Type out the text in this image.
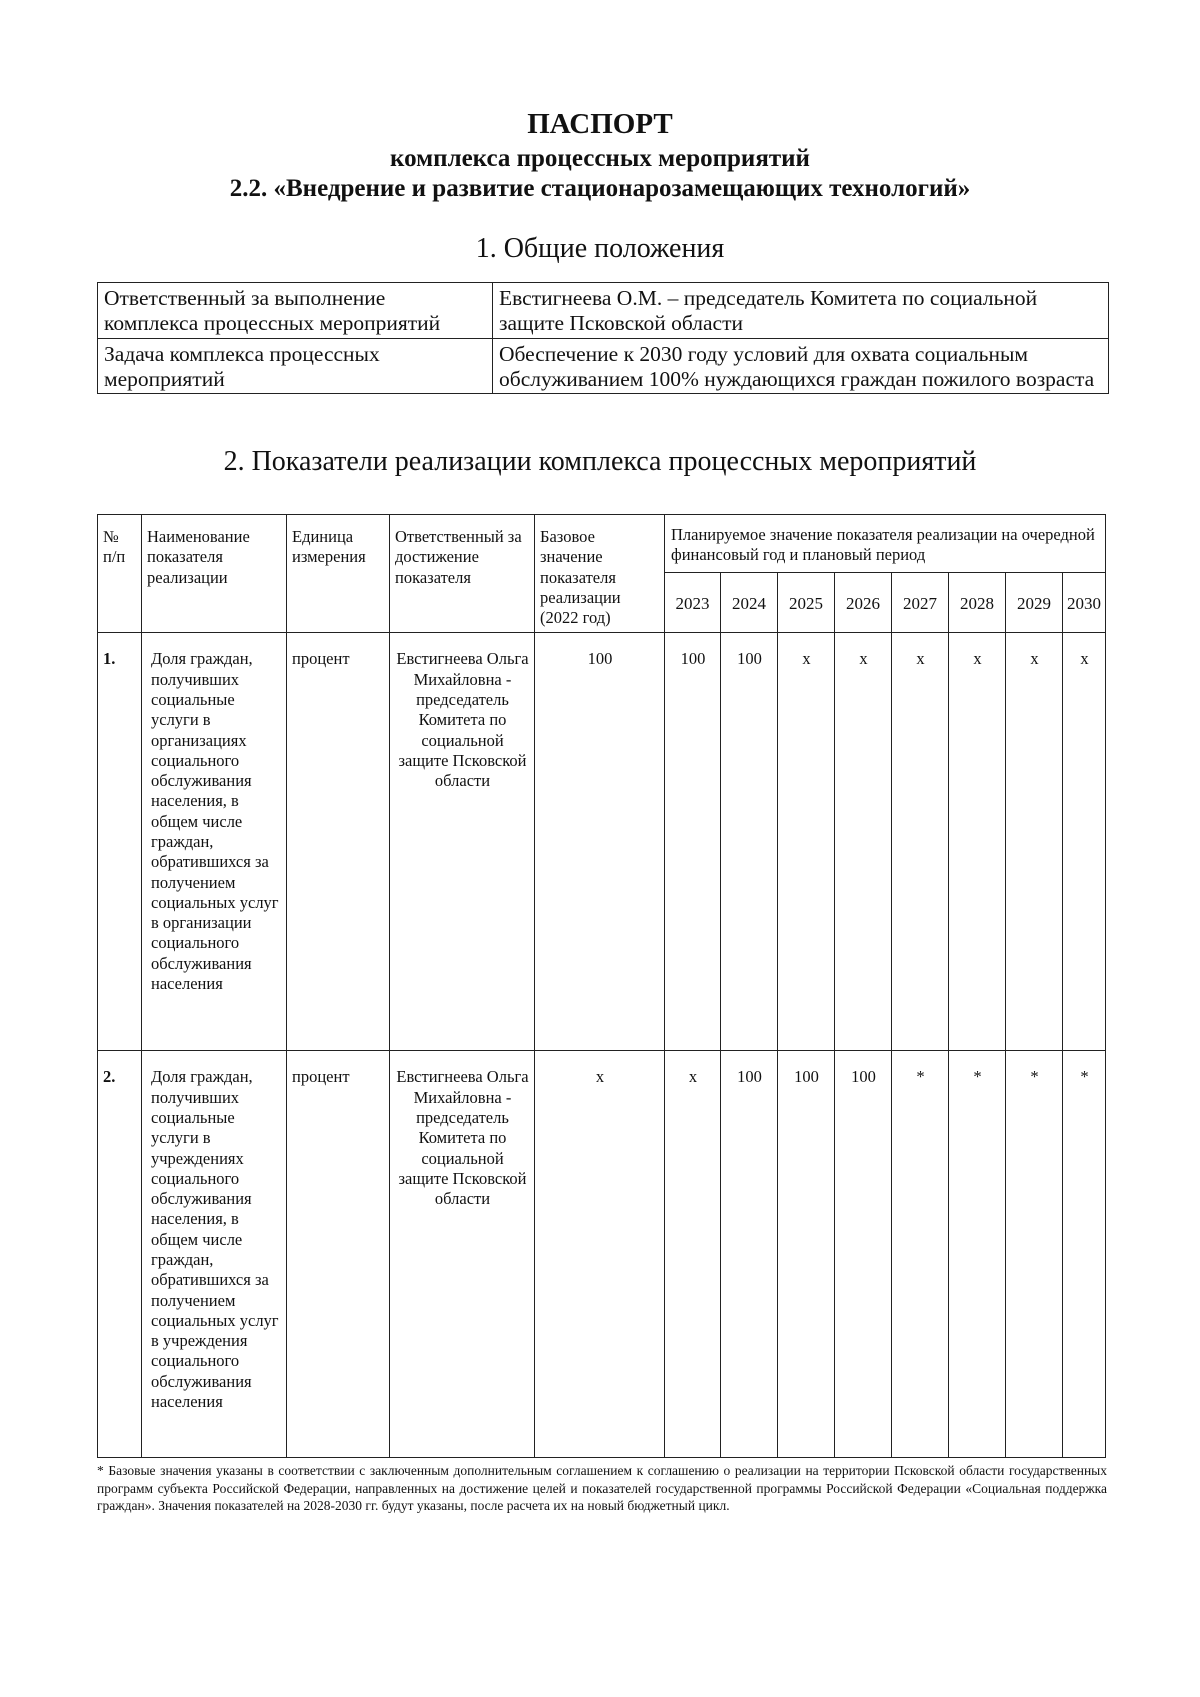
ПАСПОРТ
комплекса процессных мероприятий
2.2. «Внедрение и развитие стационарозамещающих технологий»
1. Общие положения
Ответственный за выполнение комплекса процессных мероприятий	Евстигнеева О.М. – председатель Комитета по социальной защите Псковской области
Задача комплекса процессных мероприятий	Обеспечение к 2030 году условий для охвата социальным обслуживанием 100% нуждающихся граждан пожилого возраста
2. Показатели реализации комплекса процессных мероприятий
№ п/п	Наименование показателя реализации	Единица измерения	Ответственный за достижение показателя	Базовое значение показателя реализации (2022 год)	Планируемое значение показателя реализации на очередной финансовый год и плановый период							
					2023	2024	2025	2026	2027	2028	2029	2030
1.	Доля граждан, получивших социальные услуги в организациях социального обслуживания населения, в общем числе граждан, обратившихся за получением социальных услуг в организации социального обслуживания населения	процент	Евстигнеева Ольга Михайловна - председатель Комитета по социальной защите Псковской области	100	100	100	х	х	х	х	х	х
2.	Доля граждан, получивших социальные услуги в учреждениях социального обслуживания населения, в общем числе граждан, обратившихся за получением социальных услуг в учреждения социального обслуживания населения	процент	Евстигнеева Ольга Михайловна - председатель Комитета по социальной защите Псковской области	х	х	100	100	100	*	*	*	*
* Базовые значения указаны в соответствии с заключенным дополнительным соглашением к соглашению о реализации на территории Псковской области государственных программ субъекта Российской Федерации, направленных на достижение целей и показателей государственной программы Российской Федерации «Социальная поддержка граждан». Значения показателей на 2028-2030 гг. будут указаны, после расчета их на новый бюджетный цикл.
